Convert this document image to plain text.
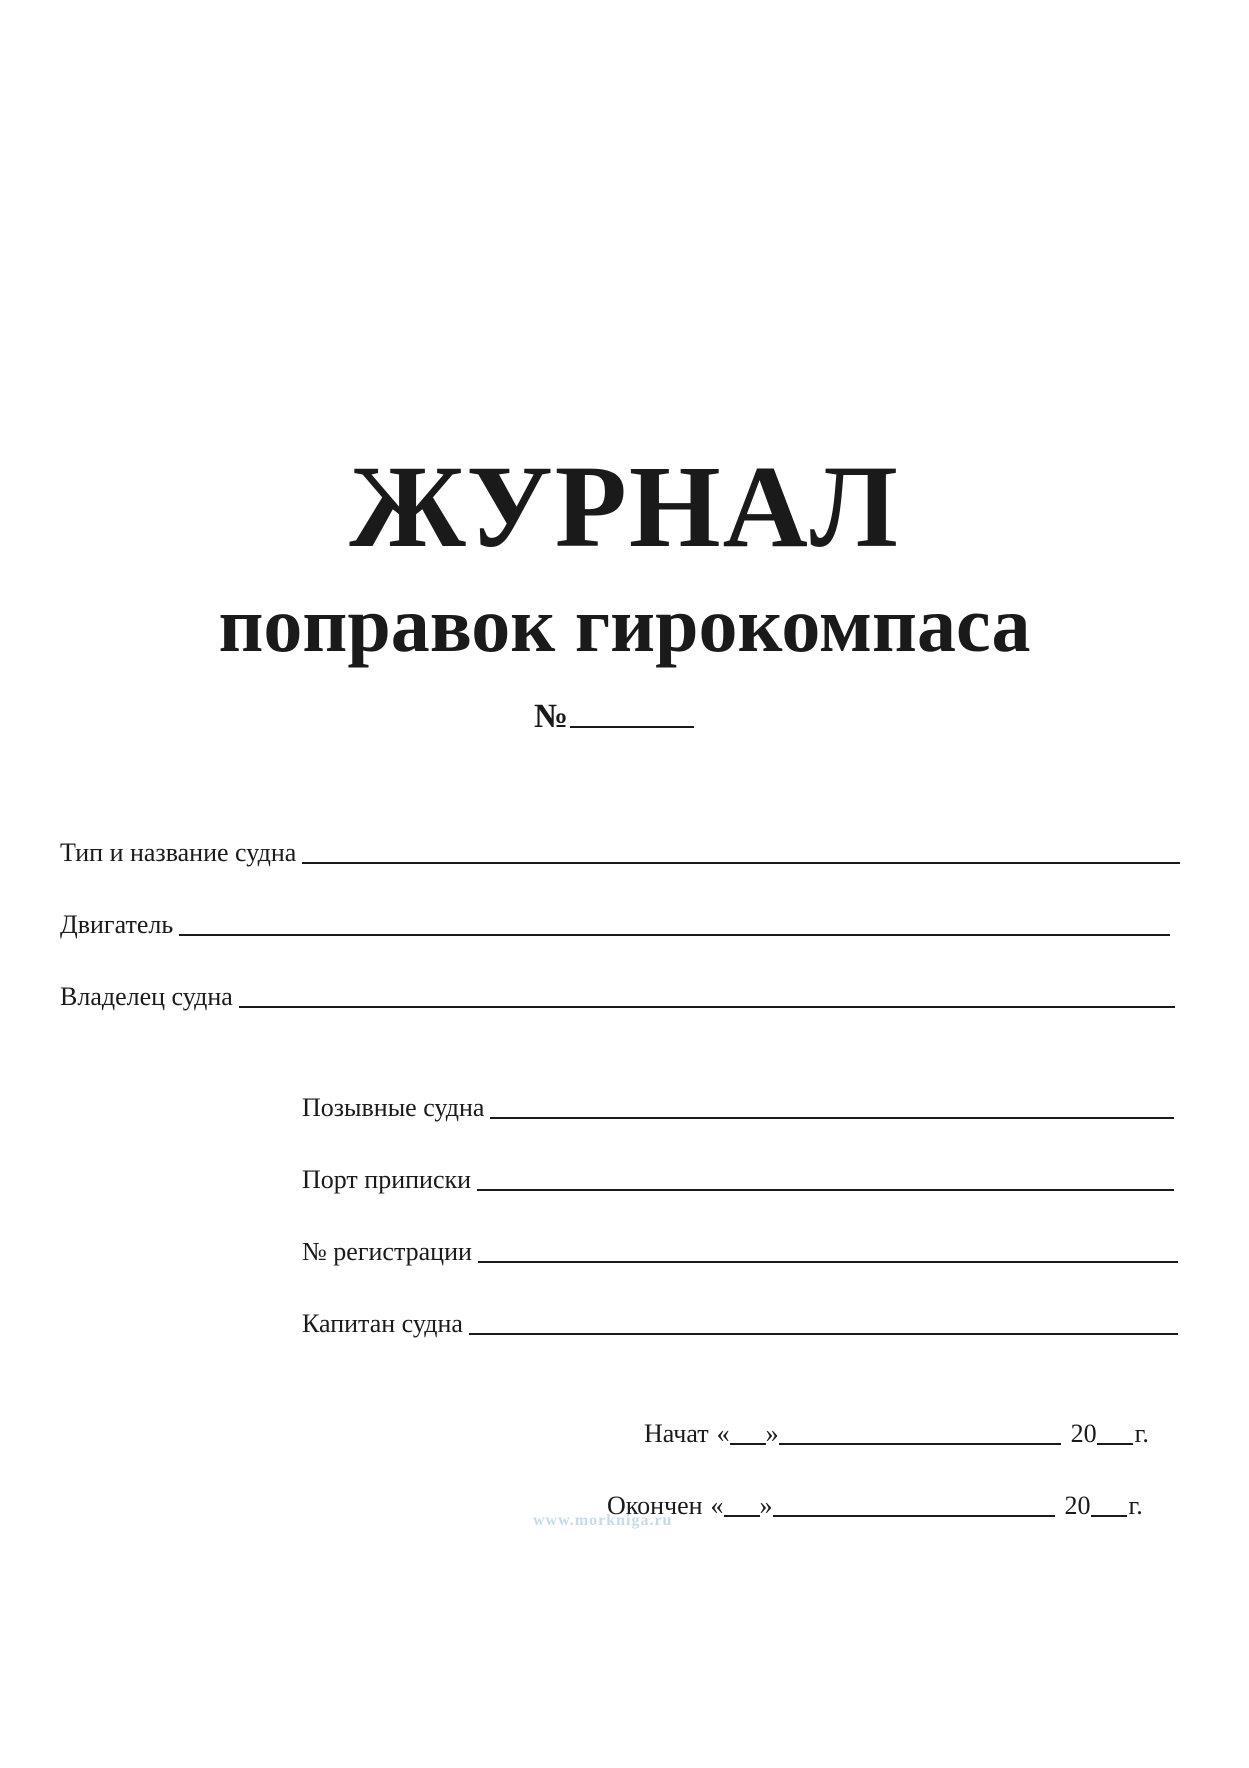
ЖУРНАЛ
поправок гирокомпаса
№
Тип и название судна
Двигатель
Владелец судна
Позывные судна
Порт приписки
№ регистрации
Капитан судна
Начат « »	20 г.
Окончен « »	20 г.
www.morkniga.ru
